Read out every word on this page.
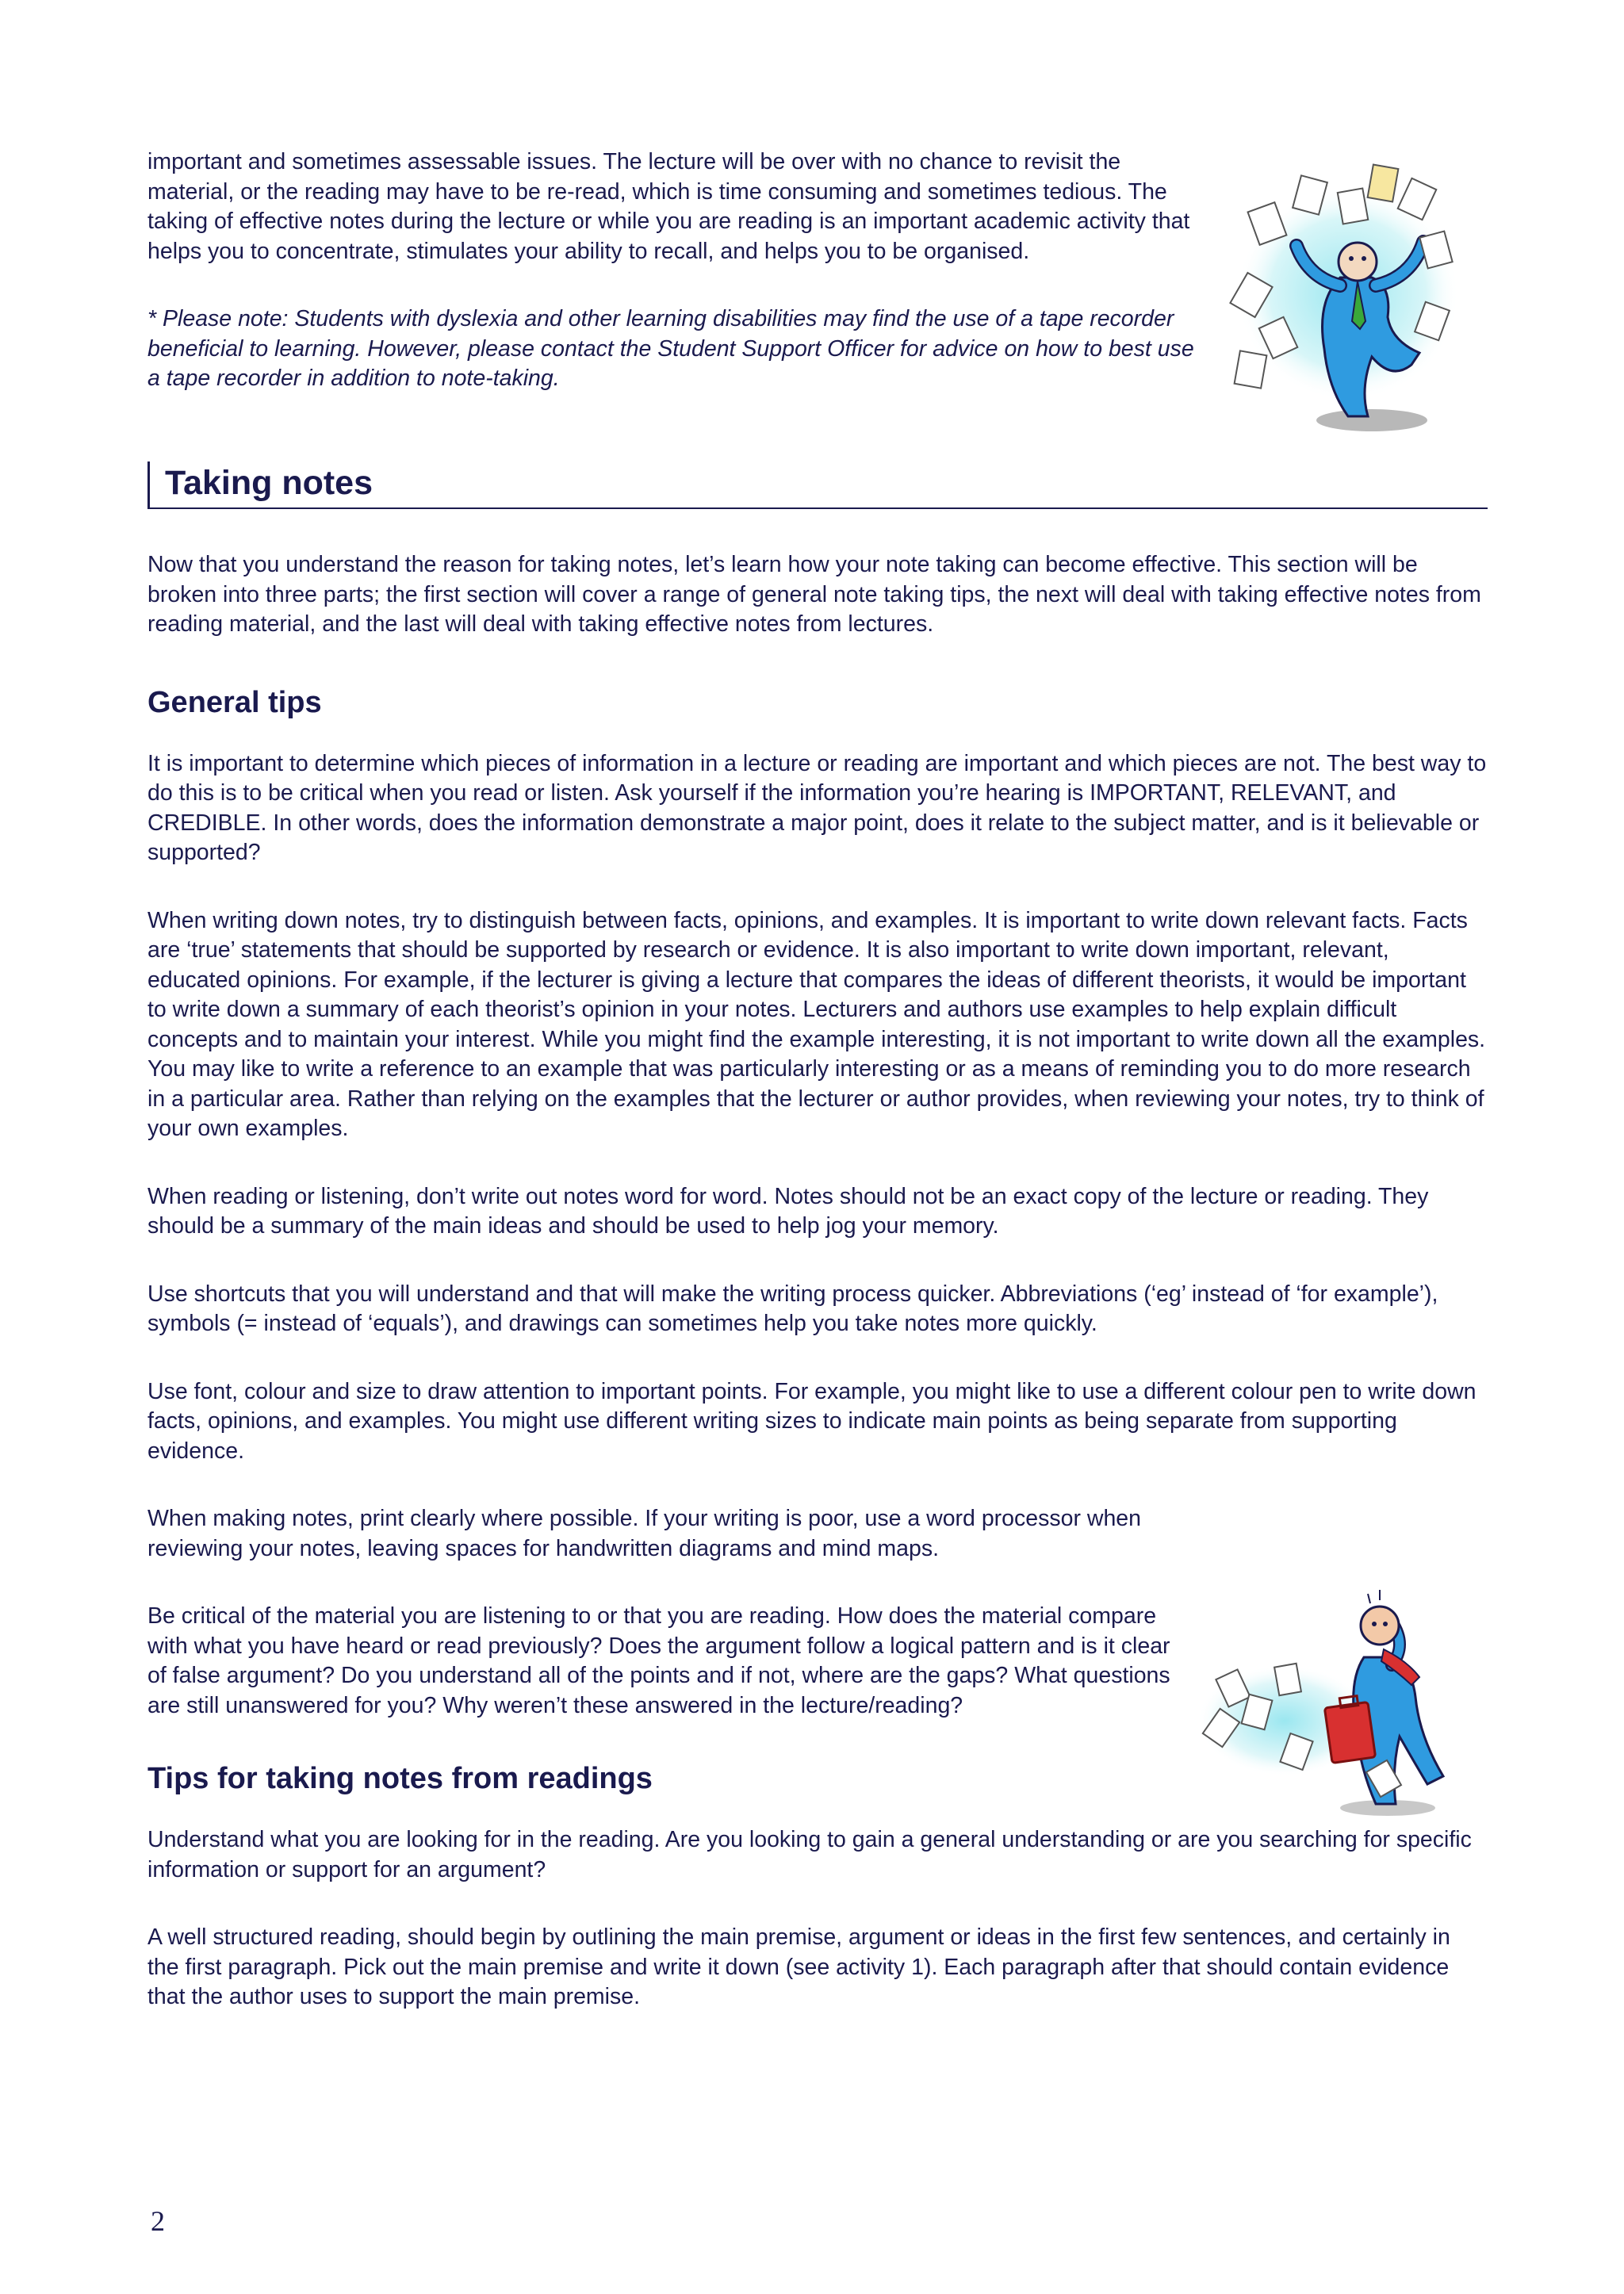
important and sometimes assessable issues. The lecture will be over with no chance to revisit the material, or the reading may have to be re-read, which is time consuming and sometimes tedious. The taking of effective notes during the lecture or while you are reading is an important academic activity that helps you to concentrate, stimulates your ability to recall, and helps you to be organised.

* Please note: Students with dyslexia and other learning disabilities may find the use of a tape recorder beneficial to learning. However, please contact the Student Support Officer for advice on how to best use a tape recorder in addition to note-taking.

Taking notes

Now that you understand the reason for taking notes, let’s learn how your note taking can become effective. This section will be broken into three parts; the first section will cover a range of general note taking tips, the next will deal with taking effective notes from reading material, and the last will deal with taking effective notes from lectures.

General tips

It is important to determine which pieces of information in a lecture or reading are important and which pieces are not. The best way to do this is to be critical when you read or listen. Ask yourself if the information you’re hearing is IMPORTANT, RELEVANT, and CREDIBLE. In other words, does the information demonstrate a major point, does it relate to the subject matter, and is it believable or supported?

When writing down notes, try to distinguish between facts, opinions, and examples. It is important to write down relevant facts. Facts are ‘true’ statements that should be supported by research or evidence. It is also important to write down important, relevant, educated opinions. For example, if the lecturer is giving a lecture that compares the ideas of different theorists, it would be important to write down a summary of each theorist’s opinion in your notes. Lecturers and authors use examples to help explain difficult concepts and to maintain your interest. While you might find the example interesting, it is not important to write down all the examples. You may like to write a reference to an example that was particularly interesting or as a means of reminding you to do more research in a particular area. Rather than relying on the examples that the lecturer or author provides, when reviewing your notes, try to think of your own examples.

When reading or listening, don’t write out notes word for word. Notes should not be an exact copy of the lecture or reading. They should be a summary of the main ideas and should be used to help jog your memory.

Use shortcuts that you will understand and that will make the writing process quicker. Abbreviations (‘eg’ instead of ‘for example’), symbols (= instead of ‘equals’), and drawings can sometimes help you take notes more quickly.

Use font, colour and size to draw attention to important points. For example, you might like to use a different colour pen to write down facts, opinions, and examples. You might use different writing sizes to indicate main points as being separate from supporting evidence.

When making notes, print clearly where possible. If your writing is poor, use a word processor when reviewing your notes, leaving spaces for handwritten diagrams and mind maps.

Be critical of the material you are listening to or that you are reading. How does the material compare with what you have heard or read previously? Does the argument follow a logical pattern and is it clear of false argument? Do you understand all of the points and if not, where are the gaps? What questions are still unanswered for you? Why weren’t these answered in the lecture/reading?

Tips for taking notes from readings

Understand what you are looking for in the reading. Are you looking to gain a general understanding or are you searching for specific information or support for an argument?

A well structured reading, should begin by outlining the main premise, argument or ideas in the first few sentences, and certainly in the first paragraph. Pick out the main premise and write it down (see activity 1). Each paragraph after that should contain evidence that the author uses to support the main premise.

2
